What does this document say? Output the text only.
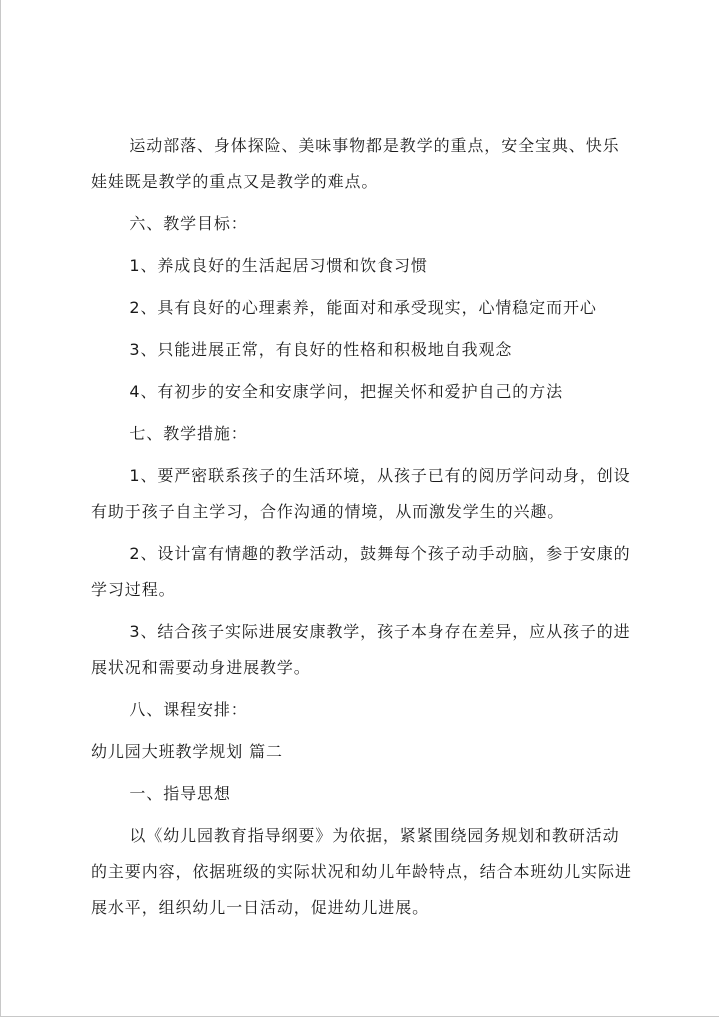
运动部落、身体探险、美味事物都是教学的重点，安全宝典、快乐娃娃既是教学的重点又是教学的难点。

六、教学目标：

1、养成良好的生活起居习惯和饮食习惯

2、具有良好的心理素养，能面对和承受现实，心情稳定而开心

3、只能进展正常，有良好的性格和积极地自我观念

4、有初步的安全和安康学问，把握关怀和爱护自己的方法

七、教学措施：

1、要严密联系孩子的生活环境，从孩子已有的阅历学问动身，创设有助于孩子自主学习，合作沟通的情境，从而激发学生的兴趣。

2、设计富有情趣的教学活动，鼓舞每个孩子动手动脑，参于安康的学习过程。

3、结合孩子实际进展安康教学，孩子本身存在差异，应从孩子的进展状况和需要动身进展教学。

八、课程安排：

幼儿园大班教学规划 篇二

一、指导思想

以《幼儿园教育指导纲要》为依据，紧紧围绕园务规划和教研活动的主要内容，依据班级的实际状况和幼儿年龄特点，结合本班幼儿实际进展水平，组织幼儿一日活动，促进幼儿进展。
